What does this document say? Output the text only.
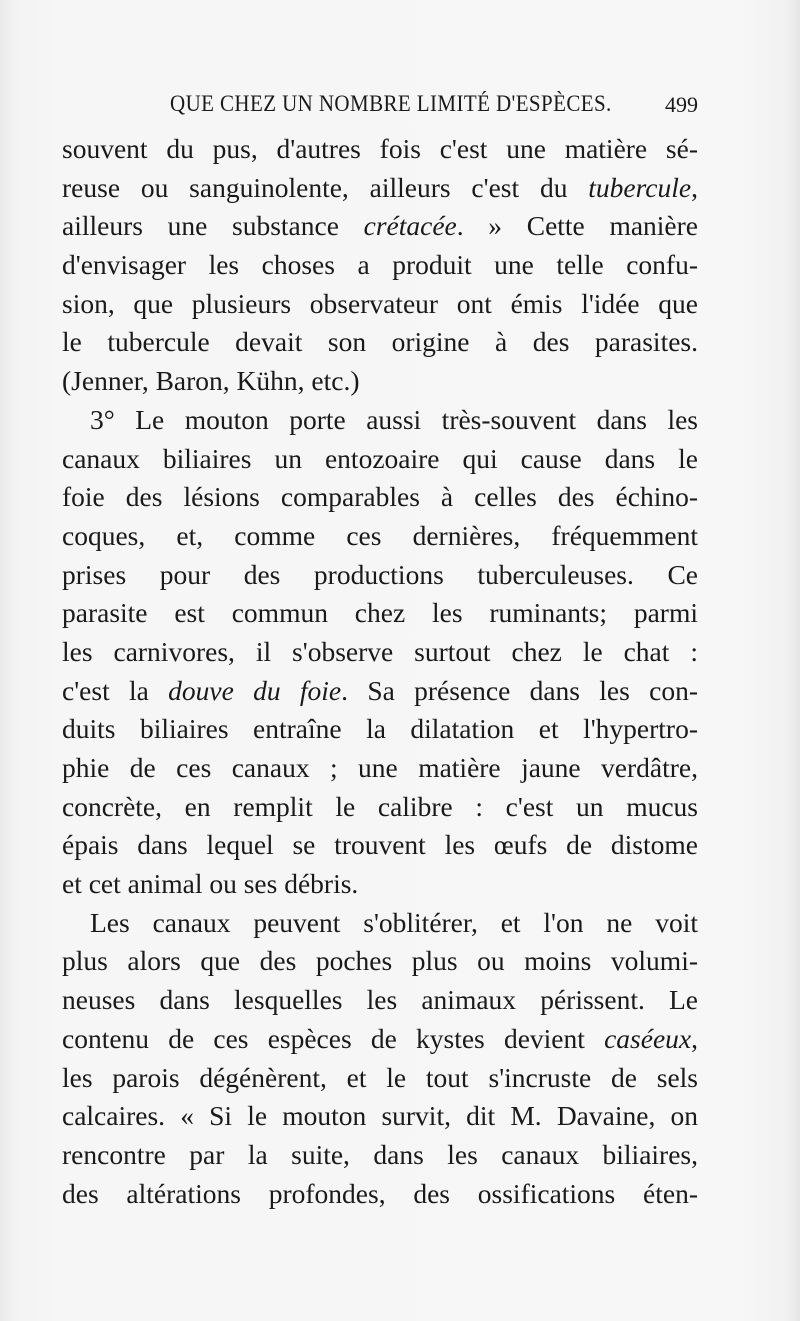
QUE CHEZ UN NOMBRE LIMITÉ D'ESPÈCES. 499
souvent du pus, d'autres fois c'est une matière sé-
reuse ou sanguinolente, ailleurs c'est du tubercule,
ailleurs une substance crétacée. » Cette manière
d'envisager les choses a produit une telle confu-
sion, que plusieurs observateur ont émis l'idée que
le tubercule devait son origine à des parasites.
(Jenner, Baron, Kühn, etc.)
3° Le mouton porte aussi très-souvent dans les
canaux biliaires un entozoaire qui cause dans le
foie des lésions comparables à celles des échino-
coques, et, comme ces dernières, fréquemment
prises pour des productions tuberculeuses. Ce
parasite est commun chez les ruminants; parmi
les carnivores, il s'observe surtout chez le chat :
c'est la douve du foie. Sa présence dans les con-
duits biliaires entraîne la dilatation et l'hypertro-
phie de ces canaux ; une matière jaune verdâtre,
concrète, en remplit le calibre : c'est un mucus
épais dans lequel se trouvent les œufs de distome
et cet animal ou ses débris.
Les canaux peuvent s'oblitérer, et l'on ne voit
plus alors que des poches plus ou moins volumi-
neuses dans lesquelles les animaux périssent. Le
contenu de ces espèces de kystes devient caséeux,
les parois dégénèrent, et le tout s'incruste de sels
calcaires. « Si le mouton survit, dit M. Davaine, on
rencontre par la suite, dans les canaux biliaires,
des altérations profondes, des ossifications éten-
